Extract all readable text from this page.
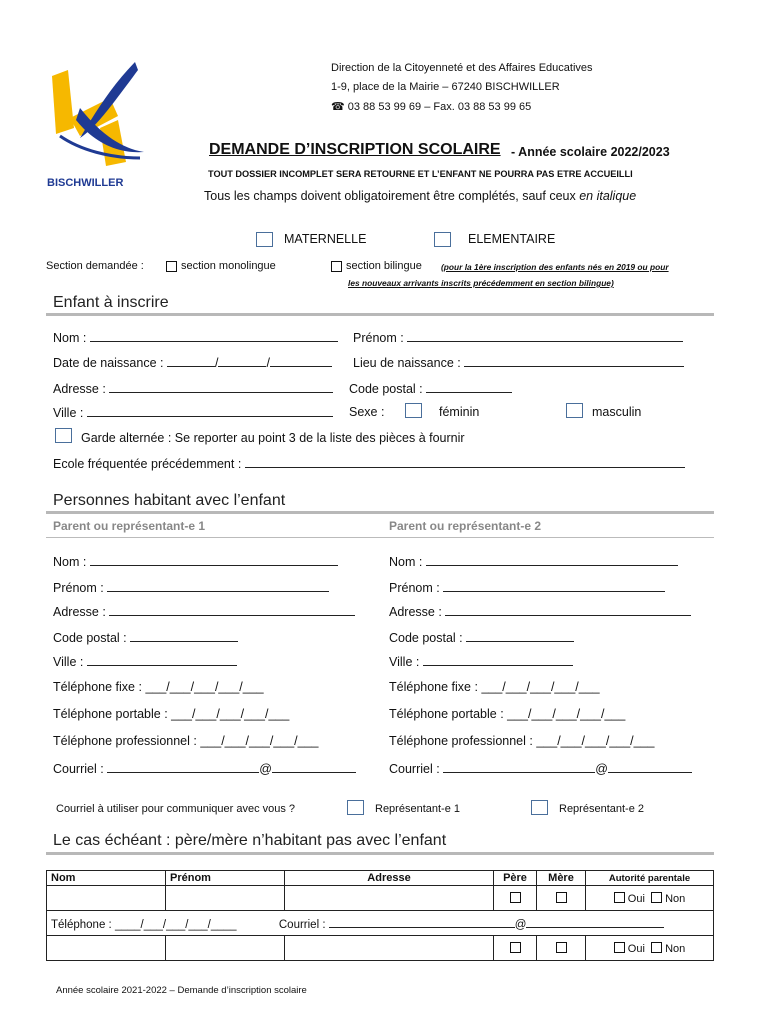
BISCHWILLER
Direction de la Citoyenneté et des Affaires Educatives
1-9, place de la Mairie – 67240 BISCHWILLER
☎ 03 88 53 99 69 – Fax. 03 88 53 99 65
DEMANDE D’INSCRIPTION SCOLAIRE - Année scolaire 2022/2023
TOUT DOSSIER INCOMPLET SERA RETOURNE ET L’ENFANT NE POURRA PAS ETRE ACCUEILLI
Tous les champs doivent obligatoirement être complétés, sauf ceux en italique
MATERNELLE	ELEMENTAIRE
Section demandée :	section monolingue	section bilingue (pour la 1ère inscription des enfants nés en 2019 ou pour
les nouveaux arrivants inscrits précédemment en section bilingue)
Enfant à inscrire
Nom :	Prénom :
Date de naissance :	/	/	Lieu de naissance :
Adresse :	Code postal :
Ville :	Sexe :	féminin	masculin
Garde alternée : Se reporter au point 3 de la liste des pièces à fournir
Ecole fréquentée précédemment :
Personnes habitant avec l’enfant
Parent ou représentant-e 1	Parent ou représentant-e 2
Nom :
Prénom :
Adresse :
Code postal :
Ville :
Téléphone fixe : ___/___/___/___/___
Téléphone portable : ___/___/___/___/___
Téléphone professionnel : ___/___/___/___/___
Courriel :	@
Nom :
Prénom :
Adresse :
Code postal :
Ville :
Téléphone fixe : ___/___/___/___/___
Téléphone portable : ___/___/___/___/___
Téléphone professionnel : ___/___/___/___/___
Courriel :	@
Courriel à utiliser pour communiquer avec vous ?	Représentant-e 1	Représentant-e 2
Le cas échéant : père/mère n’habitant pas avec l’enfant
Nom	Prénom	Adresse	Père	Mère	Autorité parentale
					Oui Non
Téléphone : ____/___/___/___/____ Courriel : @					
					Oui Non
Année scolaire 2021-2022 – Demande d’inscription scolaire
